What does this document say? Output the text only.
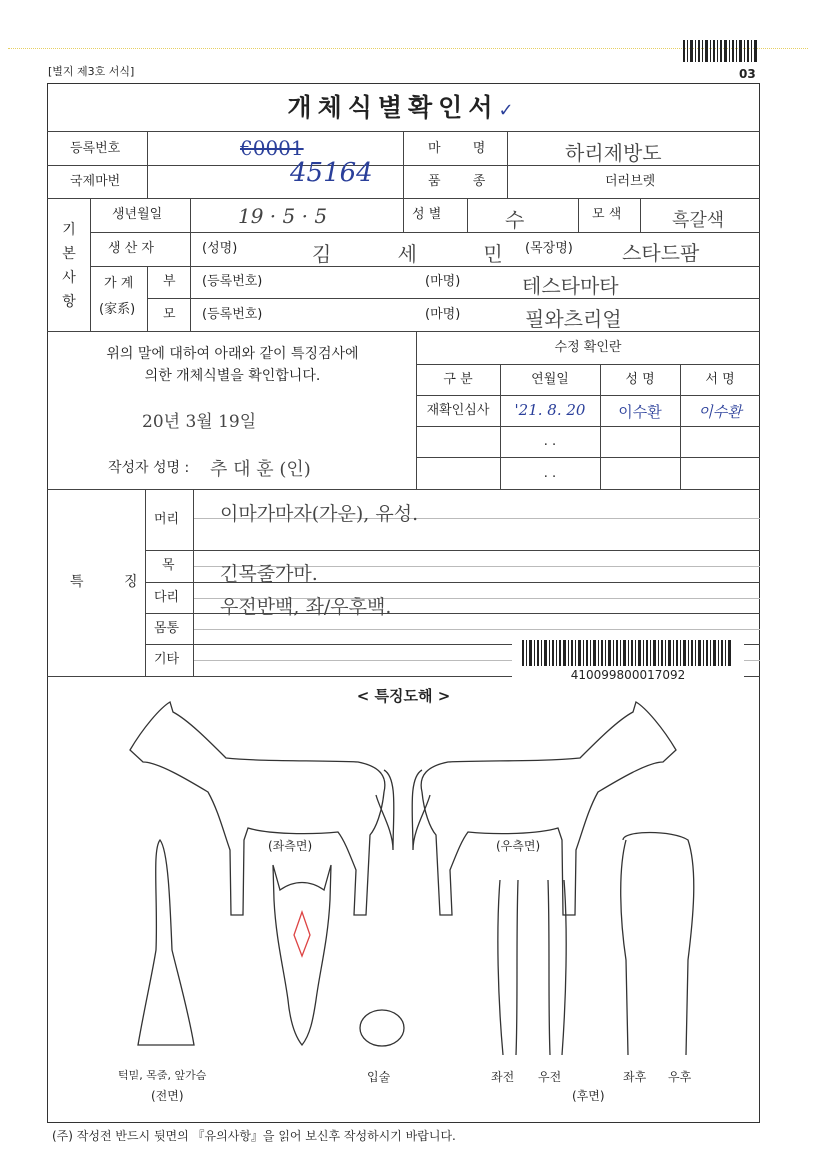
03
[별지 제3호 서식]
개체식별확인서✓
등록번호	€0001
45164
국제마번
마 명	하리제방도
품 종	더러브렛
기
본
사
항
생년월일	19 · 5 · 5	성 별	수	모 색	흑갈색
생 산 자	(성명)	김 세 민
(목장명) 스타드팜
가 계
(家系)
부 (등록번호)	(마명)	테스타마타
모 (등록번호)	(마명)	필와츠리얼
위의 말에 대하여 아래와 같이 특징검사에
의한 개체식별을 확인합니다.
20년 3월 19일
작성자 성명 : 추 대 훈 (인)
수정 확인란
구 분	연월일	성 명	서 명
재확인심사	'21. 8. 20	이수환	이수환
. .
. .
특 징
머리 이마가마자(가운), 유성.
목 긴목줄가마.
다리 우전반백, 좌/우후백.
몸통
기타
410099800017092
< 특징도해 >
(좌측면)	(우측면)
턱밑, 목줄, 앞가슴
(전면)
입술	좌전 우전	좌후 우후
(후면)
(주) 작성전 반드시 뒷면의 『유의사항』을 읽어 보신후 작성하시기 바랍니다.
